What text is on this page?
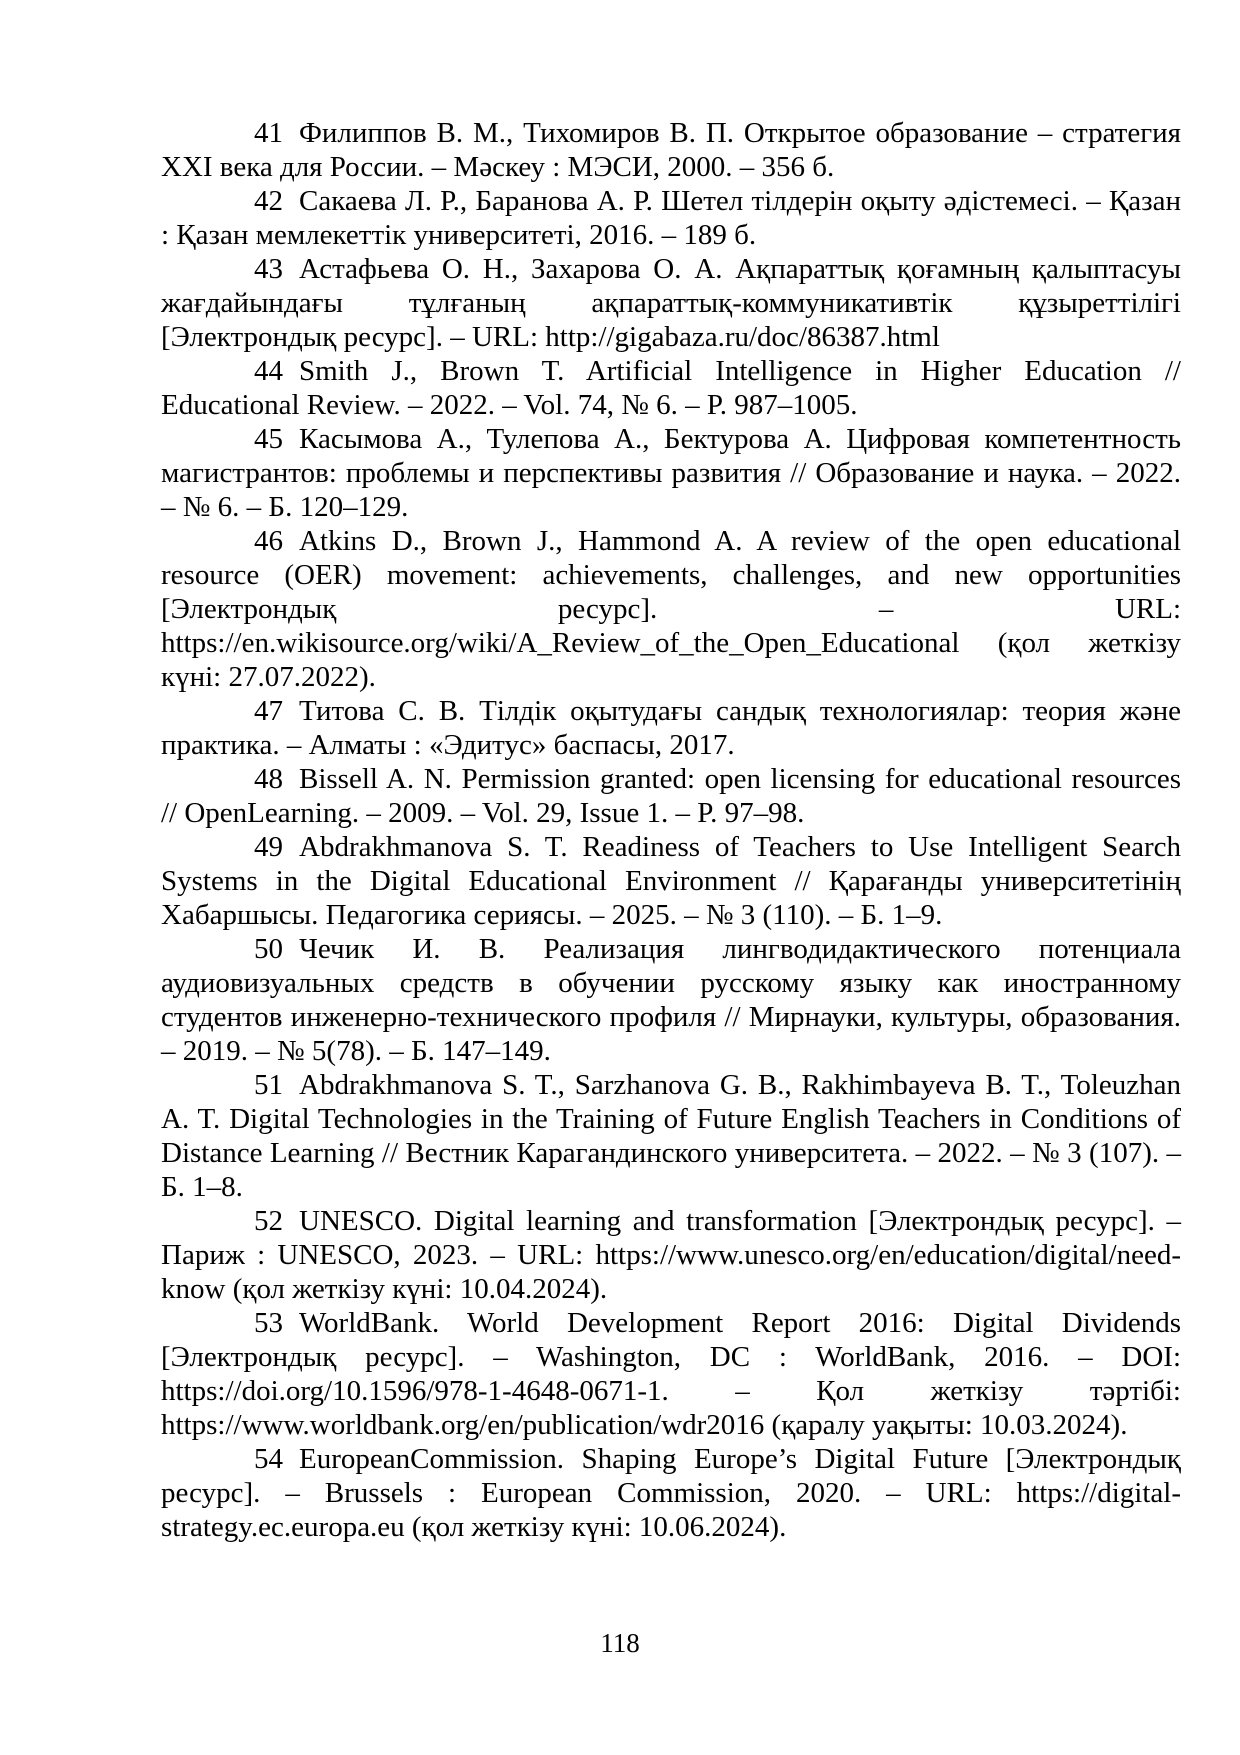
41 Филиппов В. М., Тихомиров В. П. Открытое образование – стратегия XXI века для России. – Мәскеу : МЭСИ, 2000. – 356 б.

42 Сакаева Л. Р., Баранова А. Р. Шетел тілдерін оқыту әдістемесі. – Қазан : Қазан мемлекеттік университеті, 2016. – 189 б.

43 Астафьева О. Н., Захарова О. А. Ақпараттық қоғамның қалыптасуы жағдайындағы тұлғаның ақпараттық-коммуникативтік құзыреттілігі [Электрондық ресурс]. – URL: http://gigabaza.ru/doc/86387.html

44 Smith J., Brown T. Artificial Intelligence in Higher Education // Educational Review. – 2022. – Vol. 74, № 6. – P. 987–1005.

45 Касымова А., Тулепова А., Бектурова А. Цифровая компетентность магистрантов: проблемы и перспективы развития // Образование и наука. – 2022. – № 6. – Б. 120–129.

46 Atkins D., Brown J., Hammond A. A review of the open educational resource (OER) movement: achievements, challenges, and new opportunities [Электрондық ресурс]. – URL: https://en.wikisource.org/wiki/A_Review_of_the_Open_Educational (қол жеткізу күні: 27.07.2022).

47 Титова С. В. Тілдік оқытудағы сандық технологиялар: теория және практика. – Алматы : «Эдитус» баспасы, 2017.

48 Bissell A. N. Permission granted: open licensing for educational resources // OpenLearning. – 2009. – Vol. 29, Issue 1. – P. 97–98.

49 Abdrakhmanova S. T. Readiness of Teachers to Use Intelligent Search Systems in the Digital Educational Environment // Қарағанды университетінің Хабаршысы. Педагогика сериясы. – 2025. – № 3 (110). – Б. 1–9.

50 Чечик И. В. Реализация лингводидактического потенциала аудиовизуальных средств в обучении русскому языку как иностранному студентов инженерно-технического профиля // Мирнауки, культуры, образования. – 2019. – № 5(78). – Б. 147–149.

51 Abdrakhmanova S. T., Sarzhanova G. B., Rakhimbayeva B. T., Toleuzhan A. T. Digital Technologies in the Training of Future English Teachers in Conditions of Distance Learning // Вестник Карагандинского университета. – 2022. – № 3 (107). – Б. 1–8.

52 UNESCO. Digital learning and transformation [Электрондық ресурс]. – Париж : UNESCO, 2023. – URL: https://www.unesco.org/en/education/digital/need-know (қол жеткізу күні: 10.04.2024).

53 WorldBank. World Development Report 2016: Digital Dividends [Электрондық ресурс]. – Washington, DC : WorldBank, 2016. – DOI: https://doi.org/10.1596/978-1-4648-0671-1. – Қол жеткізу тәртібі: https://www.worldbank.org/en/publication/wdr2016 (қаралу уақыты: 10.03.2024).

54 EuropeanCommission. Shaping Europe’s Digital Future [Электрондық ресурс]. – Brussels : European Commission, 2020. – URL: https://digital-strategy.ec.europa.eu (қол жеткізу күні: 10.06.2024).

118
